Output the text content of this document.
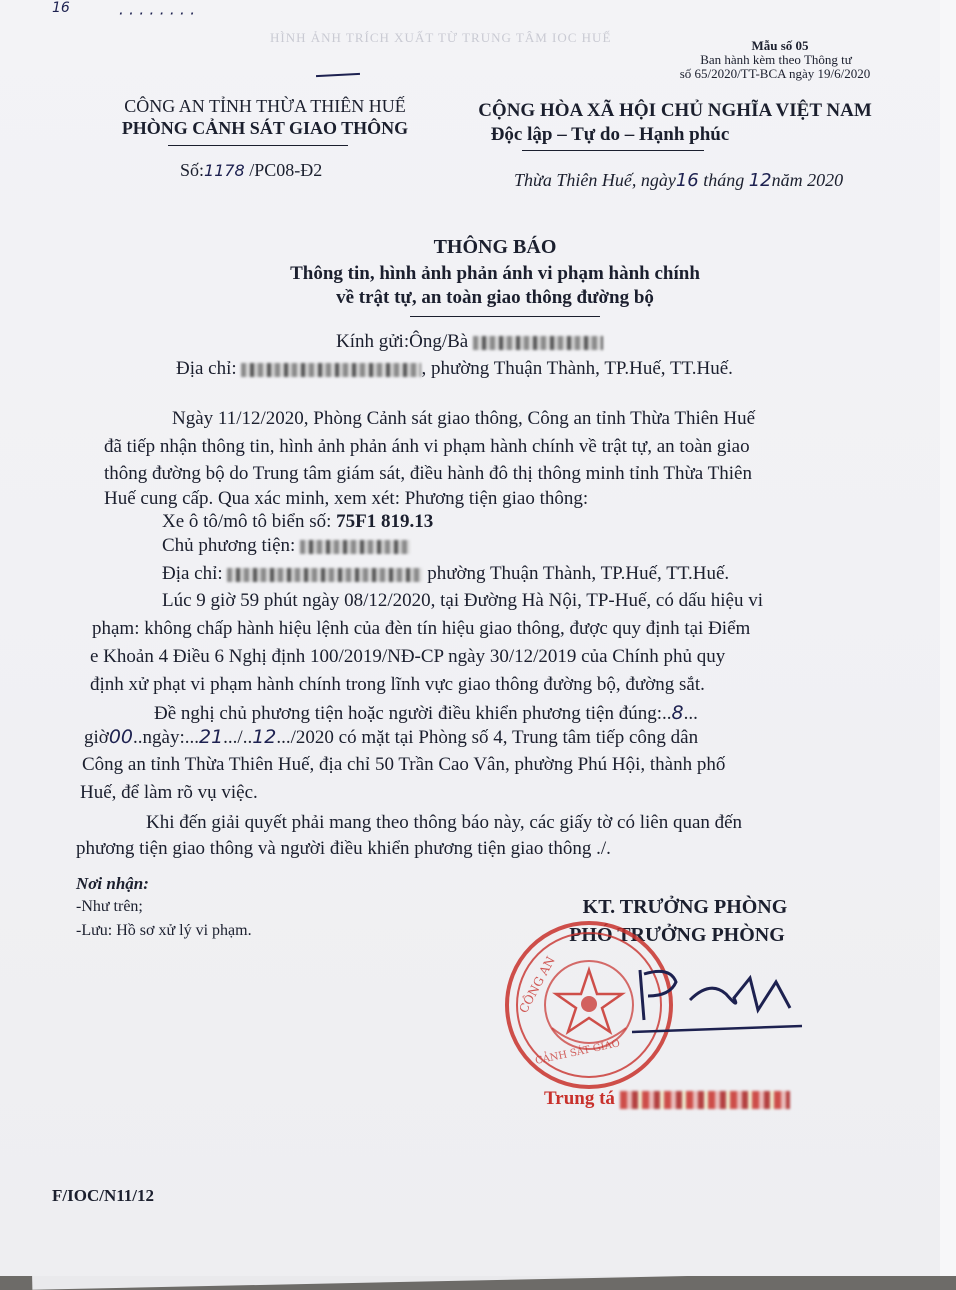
HÌNH ẢNH TRÍCH XUẤT TỪ TRUNG TÂM IOC HUẾ
16	· · · · · · · ·
Mẫu số 05
Ban hành kèm theo Thông tư
số 65/2020/TT-BCA ngày 19/6/2020
CÔNG AN TỈNH THỪA THIÊN HUẾ
PHÒNG CẢNH SÁT GIAO THÔNG
Số:1178 /PC08-Đ2
CỘNG HÒA XÃ HỘI CHỦ NGHĨA VIỆT NAM
Độc lập – Tự do – Hạnh phúc
Thừa Thiên Huế, ngày16 tháng 12năm 2020
THÔNG BÁO
Thông tin, hình ảnh phản ánh vi phạm hành chính
về trật tự, an toàn giao thông đường bộ
Kính gửi:Ông/Bà
Địa chỉ:	, phường Thuận Thành, TP.Huế, TT.Huế.
Ngày 11/12/2020, Phòng Cảnh sát giao thông, Công an tỉnh Thừa Thiên Huế
đã tiếp nhận thông tin, hình ảnh phản ánh vi phạm hành chính về trật tự, an toàn giao
thông đường bộ do Trung tâm giám sát, điều hành đô thị thông minh tỉnh Thừa Thiên
Huế cung cấp. Qua xác minh, xem xét: Phương tiện giao thông:
Xe ô tô/mô tô biển số: 75F1 819.13
Chủ phương tiện:
Địa chỉ:	phường Thuận Thành, TP.Huế, TT.Huế.
Lúc 9 giờ 59 phút ngày 08/12/2020, tại Đường Hà Nội, TP-Huế, có dấu hiệu vi
phạm: không chấp hành hiệu lệnh của đèn tín hiệu giao thông, được quy định tại Điểm
e Khoản 4 Điều 6 Nghị định 100/2019/NĐ-CP ngày 30/12/2019 của Chính phủ quy
định xử phạt vi phạm hành chính trong lĩnh vực giao thông đường bộ, đường sắt.
Đề nghị chủ phương tiện hoặc người điều khiển phương tiện đúng:..8...
giờ00..ngày:...21.../..12.../2020 có mặt tại Phòng số 4, Trung tâm tiếp công dân
Công an tỉnh Thừa Thiên Huế, địa chỉ 50 Trần Cao Vân, phường Phú Hội, thành phố
Huế, để làm rõ vụ việc.
Khi đến giải quyết phải mang theo thông báo này, các giấy tờ có liên quan đến
phương tiện giao thông và người điều khiển phương tiện giao thông ./.
Nơi nhận:
-Như trên;
-Lưu: Hồ sơ xử lý vi phạm.
KT. TRƯỞNG PHÒNG
PHÓ TRƯỞNG PHÒNG
CÔNG AN
CẢNH SÁT GIAO
Trung tá
F/IOC/N11/12
